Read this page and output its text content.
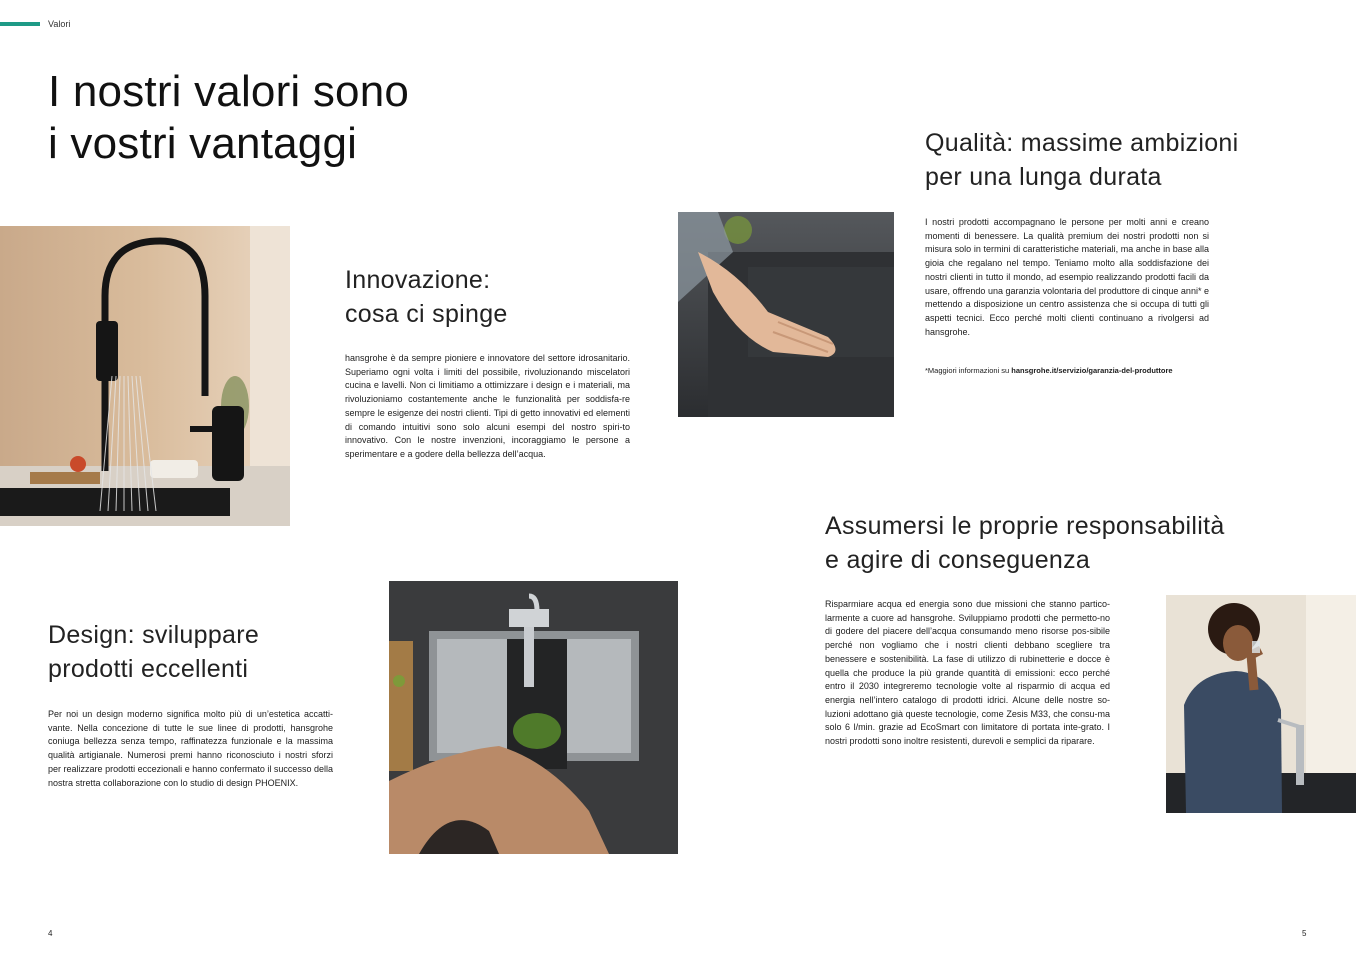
Valori
I nostri valori sono
i vostri vantaggi
Innovazione:
cosa ci spinge

hansgrohe è da sempre pioniere e innovatore del settore idrosanitario. Superiamo ogni volta i limiti del possibile, rivoluzionando miscelatori cucina e lavelli. Non ci limitiamo a ottimizzare i design e i materiali, ma rivoluzioniamo costantemente anche le funzionalità per soddisfa-re sempre le esigenze dei nostri clienti. Tipi di getto innovativi ed elementi di comando intuitivi sono solo alcuni esempi del nostro spiri-to innovativo. Con le nostre invenzioni, incoraggiamo le persone a sperimentare e a godere della bellezza dell’acqua.

Qualità: massime ambizioni
per una lunga durata

I nostri prodotti accompagnano le persone per molti anni e creano momenti di benessere. La qualità premium dei nostri prodotti non si misura solo in termini di caratteristiche materiali, ma anche in base alla gioia che regalano nel tempo. Teniamo molto alla soddisfazione dei nostri clienti in tutto il mondo, ad esempio realizzando prodotti facili da usare, offrendo una garanzia volontaria del produttore di cinque anni* e mettendo a disposizione un centro assistenza che si occupa di tutti gli aspetti tecnici. Ecco perché molti clienti continuano a rivolgersi ad hansgrohe.

*Maggiori informazioni su hansgrohe.it/servizio/garanzia-del-produttore

Design: sviluppare
prodotti eccellenti

Per noi un design moderno significa molto più di un’estetica accatti-vante. Nella concezione di tutte le sue linee di prodotti, hansgrohe coniuga bellezza senza tempo, raffinatezza funzionale e la massima qualità artigianale. Numerosi premi hanno riconosciuto i nostri sforzi per realizzare prodotti eccezionali e hanno confermato il successo della nostra stretta collaborazione con lo studio di design PHOENIX.

Assumersi le proprie responsabilità
e agire di conseguenza

Risparmiare acqua ed energia sono due missioni che stanno partico-larmente a cuore ad hansgrohe. Sviluppiamo prodotti che permetto-no di godere del piacere dell’acqua consumando meno risorse pos-sibile perché non vogliamo che i nostri clienti debbano scegliere tra benessere e sostenibilità. La fase di utilizzo di rubinetterie e docce è quella che produce la più grande quantità di emissioni: ecco perché entro il 2030 integreremo tecnologie volte al risparmio di acqua ed energia nell’intero catalogo di prodotti idrici. Alcune delle nostre so-luzioni adottano già queste tecnologie, come Zesis M33, che consu-ma solo 6 l/min. grazie ad EcoSmart con limitatore di portata inte-grato. I nostri prodotti sono inoltre resistenti, durevoli e semplici da riparare.

4	5
